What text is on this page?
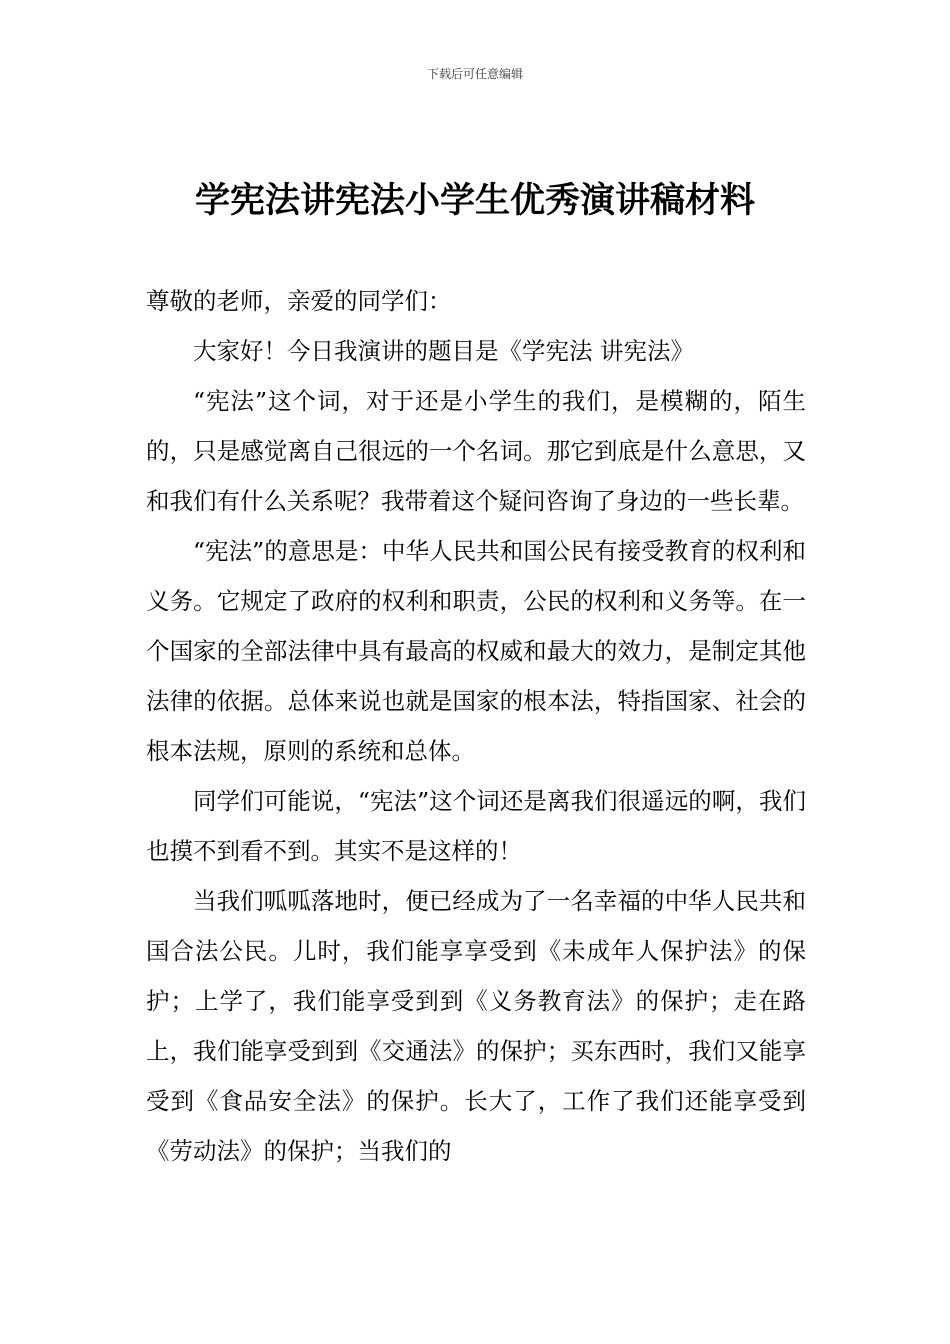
下载后可任意编辑
学宪法讲宪法小学生优秀演讲稿材料

尊敬的老师，亲爱的同学们：

大家好！今日我演讲的题目是《学宪法 讲宪法》

“宪法”这个词，对于还是小学生的我们，是模糊的，陌生的，只是感觉离自己很远的一个名词。那它到底是什么意思，又和我们有什么关系呢？我带着这个疑问咨询了身边的一些长辈。

“宪法”的意思是：中华人民共和国公民有接受教育的权利和义务。它规定了政府的权利和职责，公民的权利和义务等。在一个国家的全部法律中具有最高的权威和最大的效力，是制定其他法律的依据。总体来说也就是国家的根本法，特指国家、社会的根本法规，原则的系统和总体。

同学们可能说，“宪法”这个词还是离我们很遥远的啊，我们也摸不到看不到。其实不是这样的！

当我们呱呱落地时，便已经成为了一名幸福的中华人民共和国合法公民。儿时，我们能享享受到《未成年人保护法》的保护；上学了，我们能享受到到《义务教育法》的保护；走在路上，我们能享受到到《交通法》的保护；买东西时，我们又能享受到《食品安全法》的保护。长大了，工作了我们还能享受到《劳动法》的保护；当我们的
